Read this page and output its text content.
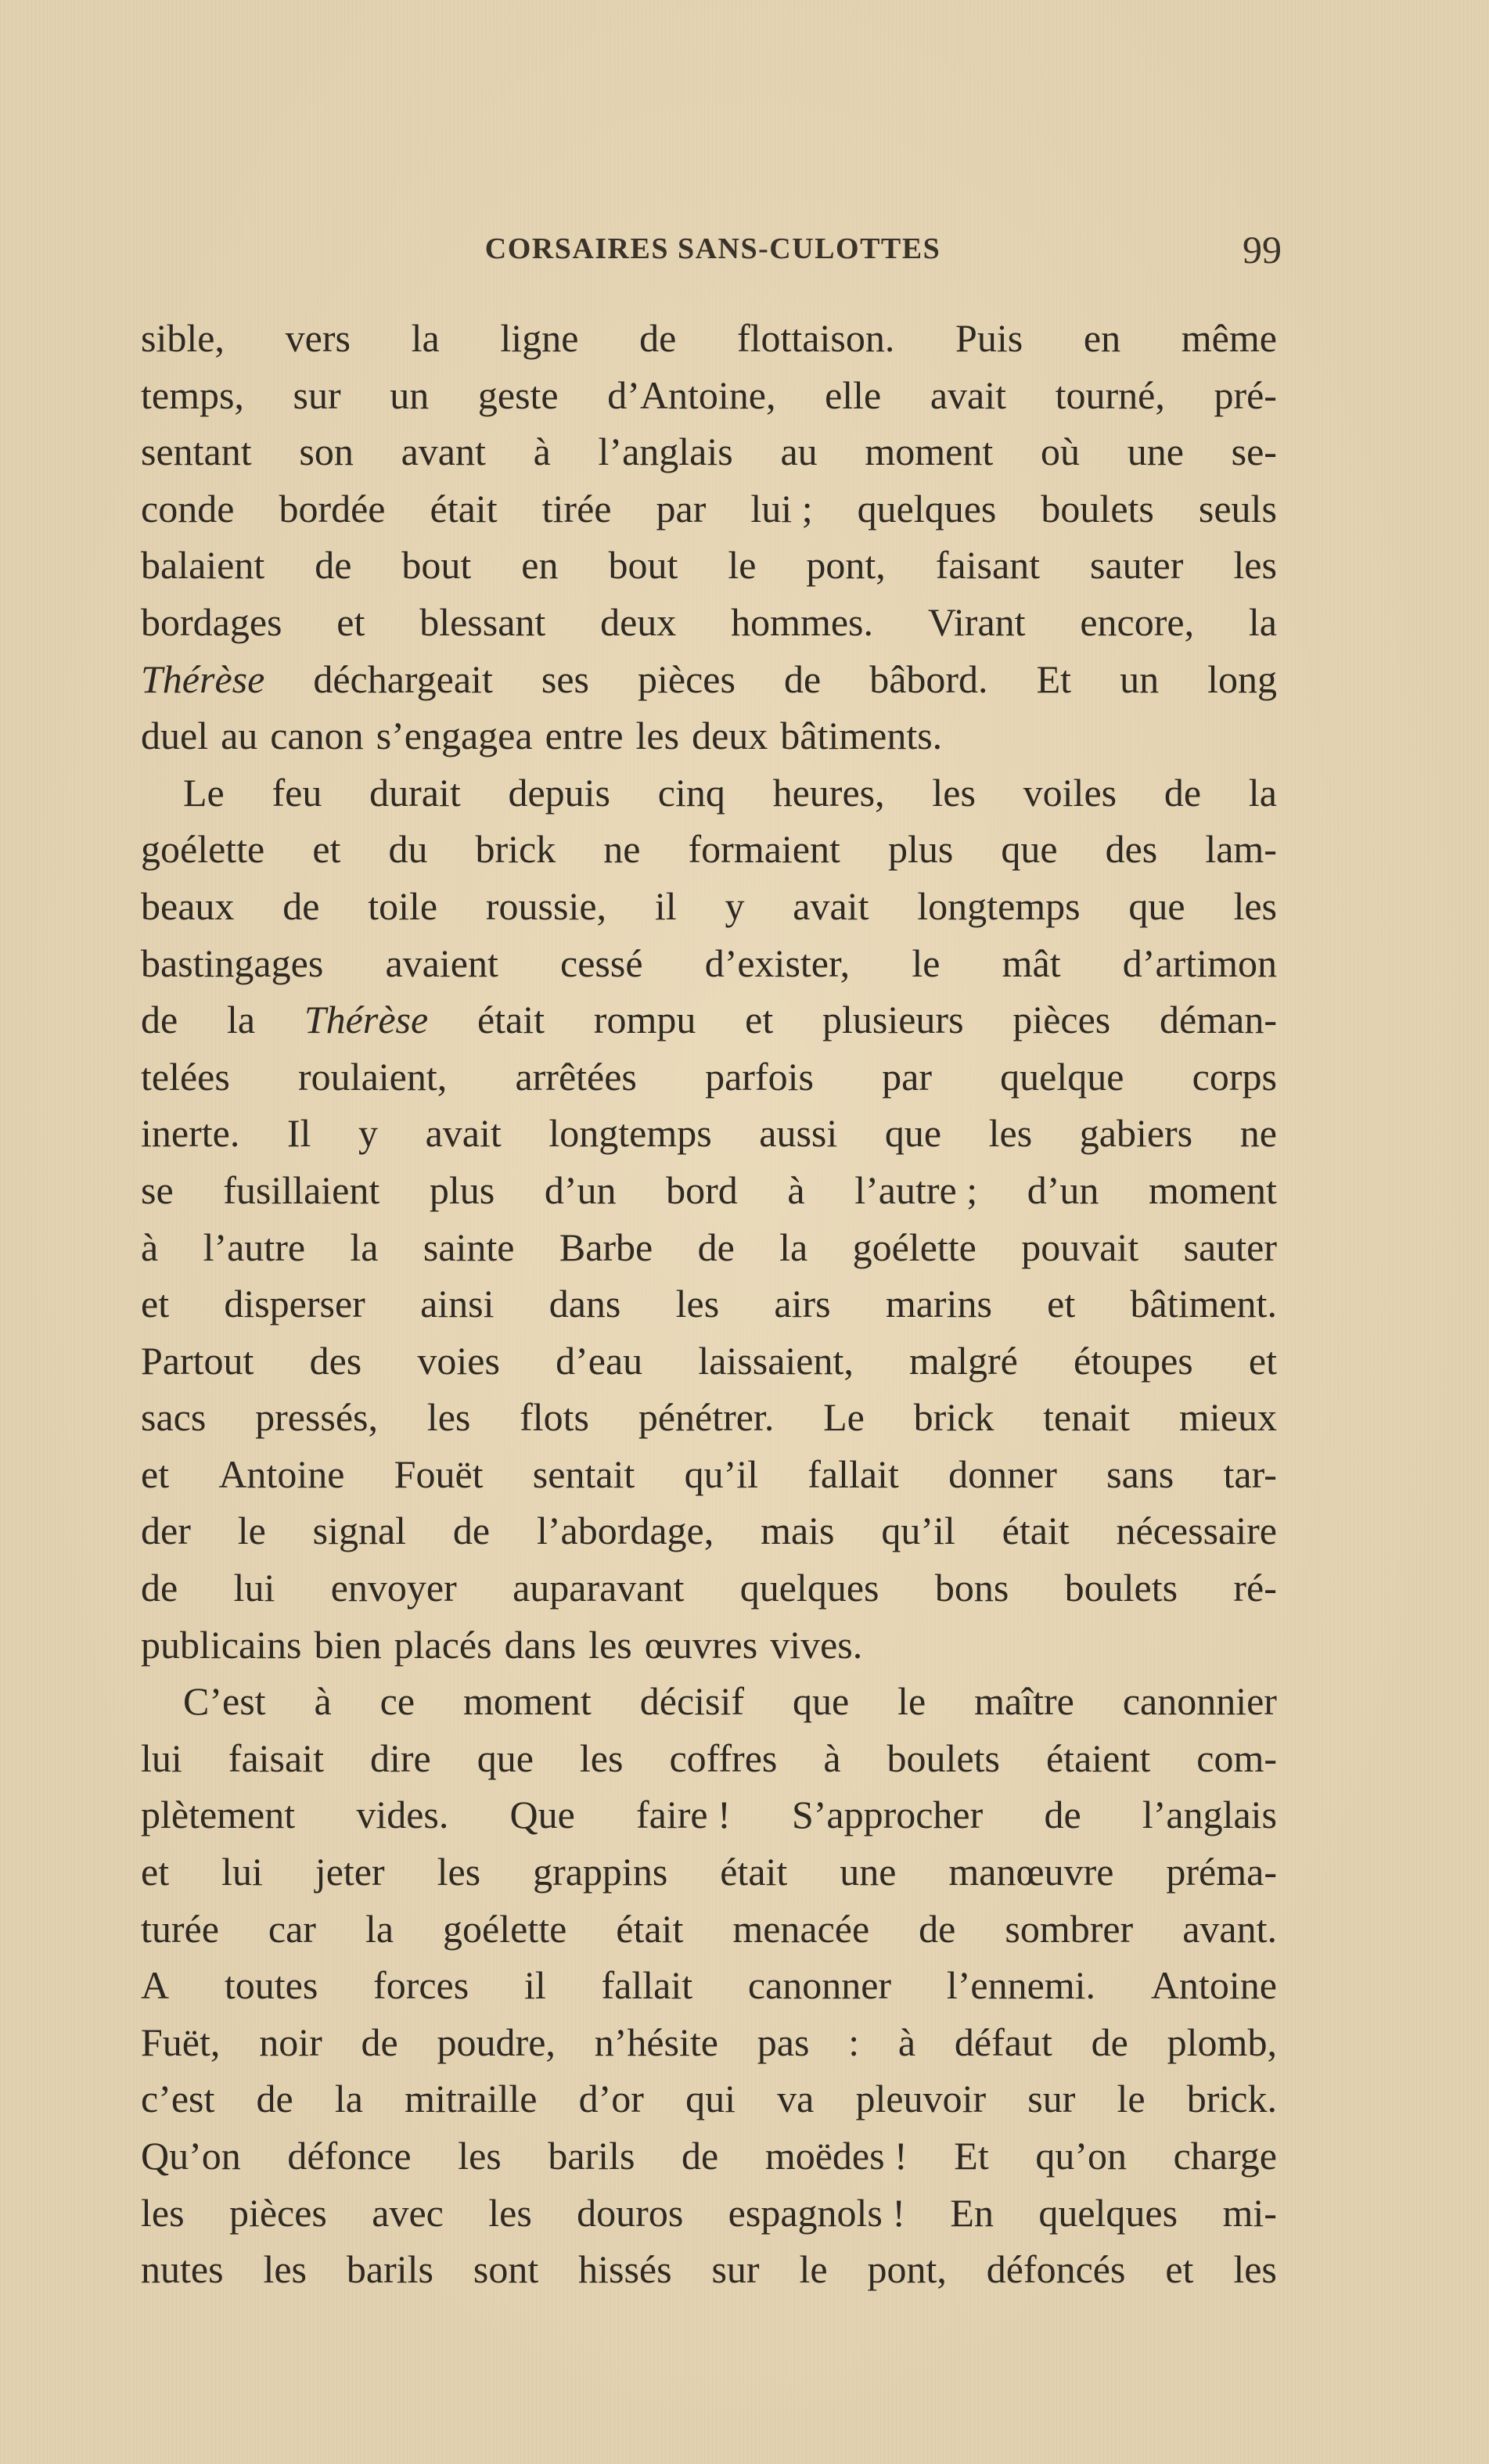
CORSAIRES SANS-CULOTTES	99
sible, vers la ligne de flottaison. Puis en même
temps, sur un geste d’Antoine, elle avait tourné, pré-
sentant son avant à l’anglais au moment où une se-
conde bordée était tirée par lui ; quelques boulets seuls
balaient de bout en bout le pont, faisant sauter les
bordages et blessant deux hommes. Virant encore, la
Thérèse déchargeait ses pièces de bâbord. Et un long
duel au canon s’engagea entre les deux bâtiments.
Le feu durait depuis cinq heures, les voiles de la
goélette et du brick ne formaient plus que des lam-
beaux de toile roussie, il y avait longtemps que les
bastingages avaient cessé d’exister, le mât d’artimon
de la Thérèse était rompu et plusieurs pièces déman-
telées roulaient, arrêtées parfois par quelque corps
inerte. Il y avait longtemps aussi que les gabiers ne
se fusillaient plus d’un bord à l’autre ; d’un moment
à l’autre la sainte Barbe de la goélette pouvait sauter
et disperser ainsi dans les airs marins et bâtiment.
Partout des voies d’eau laissaient, malgré étoupes et
sacs pressés, les flots pénétrer. Le brick tenait mieux
et Antoine Fouët sentait qu’il fallait donner sans tar-
der le signal de l’abordage, mais qu’il était nécessaire
de lui envoyer auparavant quelques bons boulets ré-
publicains bien placés dans les œuvres vives.
C’est à ce moment décisif que le maître canonnier
lui faisait dire que les coffres à boulets étaient com-
plètement vides. Que faire ! S’approcher de l’anglais
et lui jeter les grappins était une manœuvre préma-
turée car la goélette était menacée de sombrer avant.
A toutes forces il fallait canonner l’ennemi. Antoine
Fuët, noir de poudre, n’hésite pas : à défaut de plomb,
c’est de la mitraille d’or qui va pleuvoir sur le brick.
Qu’on défonce les barils de moëdes ! Et qu’on charge
les pièces avec les douros espagnols ! En quelques mi-
nutes les barils sont hissés sur le pont, défoncés et les
